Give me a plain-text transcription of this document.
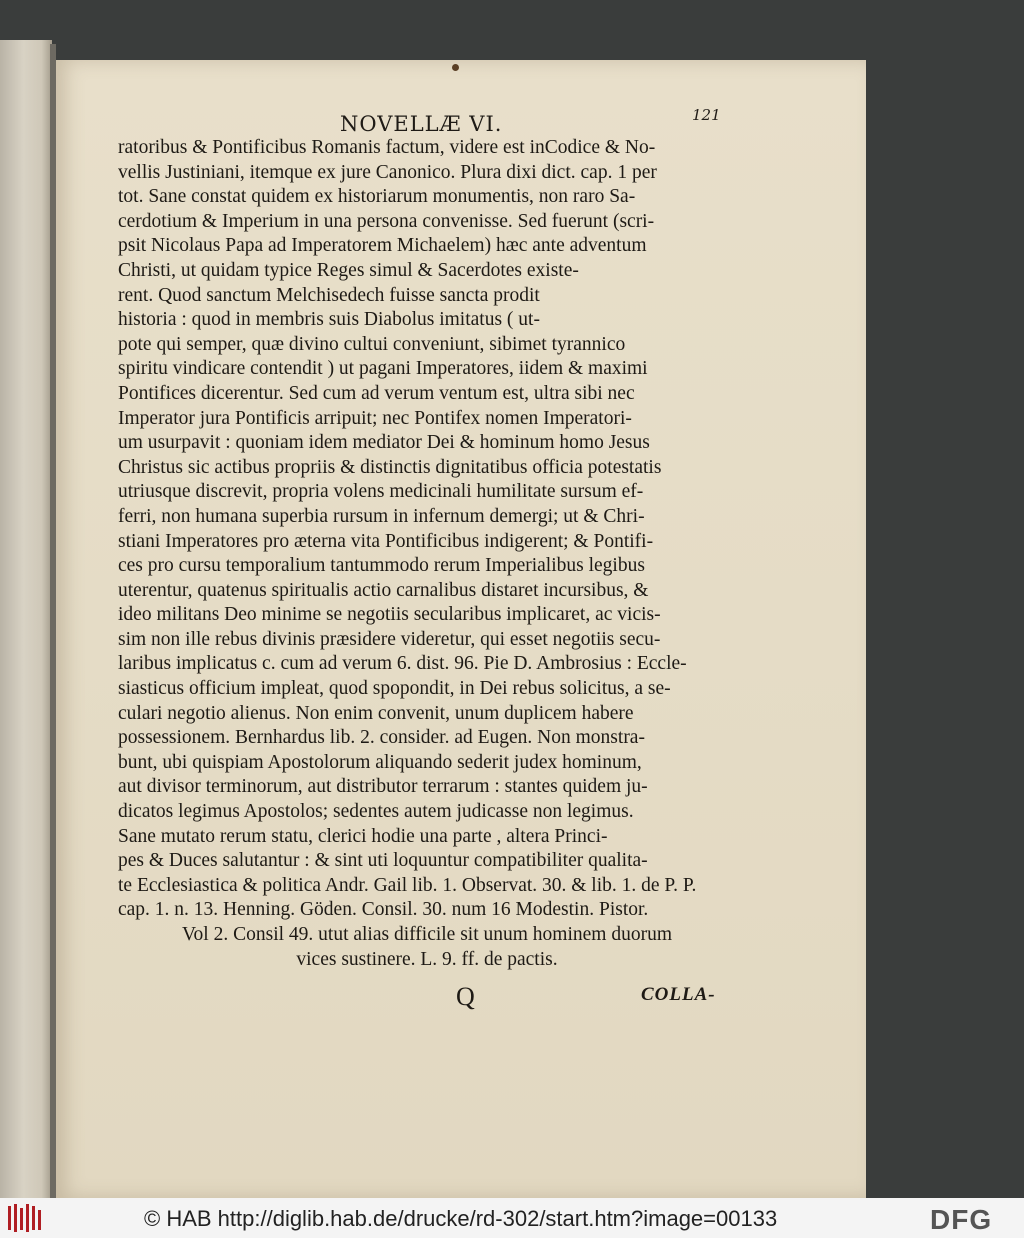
NOVELLÆ VI.	121
ratoribus & Pontificibus Romanis factum, videre est inCodice & No-
vellis Justiniani, itemque ex jure Canonico. Plura dixi dict. cap. 1 per
tot. Sane constat quidem ex historiarum monumentis, non raro Sa-
cerdotium & Imperium in una persona convenisse. Sed fuerunt (scri-
psit Nicolaus Papa ad Imperatorem Michaelem) hæc ante adventum
Christi, ut quidam typice Reges simul & Sacerdotes existe-
rent. Quod sanctum Melchisedech fuisse sancta prodit
historia : quod in membris suis Diabolus imitatus ( ut-
pote qui semper, quæ divino cultui conveniunt, sibimet tyrannico
spiritu vindicare contendit ) ut pagani Imperatores, iidem & maximi
Pontifices dicerentur. Sed cum ad verum ventum est, ultra sibi nec
Imperator jura Pontificis arripuit; nec Pontifex nomen Imperatori-
um usurpavit : quoniam idem mediator Dei & hominum homo Jesus
Christus sic actibus propriis & distinctis dignitatibus officia potestatis
utriusque discrevit, propria volens medicinali humilitate sursum ef-
ferri, non humana superbia rursum in infernum demergi; ut & Chri-
stiani Imperatores pro æterna vita Pontificibus indigerent; & Pontifi-
ces pro cursu temporalium tantummodo rerum Imperialibus legibus
uterentur, quatenus spiritualis actio carnalibus distaret incursibus, &
ideo militans Deo minime se negotiis secularibus implicaret, ac vicis-
sim non ille rebus divinis præsidere videretur, qui esset negotiis secu-
laribus implicatus c. cum ad verum 6. dist. 96. Pie D. Ambrosius : Eccle-
siasticus officium impleat, quod spopondit, in Dei rebus solicitus, a se-
culari negotio alienus. Non enim convenit, unum duplicem habere
possessionem. Bernhardus lib. 2. consider. ad Eugen. Non monstra-
bunt, ubi quispiam Apostolorum aliquando sederit judex hominum,
aut divisor terminorum, aut distributor terrarum : stantes quidem ju-
dicatos legimus Apostolos; sedentes autem judicasse non legimus.
Sane mutato rerum statu, clerici hodie una parte , altera Princi-
pes & Duces salutantur : & sint uti loquuntur compatibiliter qualita-
te Ecclesiastica & politica Andr. Gail lib. 1. Observat. 30. & lib. 1. de P. P.
cap. 1. n. 13. Henning. Göden. Consil. 30. num 16 Modestin. Pistor.
Vol 2. Consil 49. utut alias difficile sit unum hominem duorum
vices sustinere. L. 9. ff. de pactis.
Q	COLLA-
© HAB http://diglib.hab.de/drucke/rd-302/start.htm?image=00133	DFG
